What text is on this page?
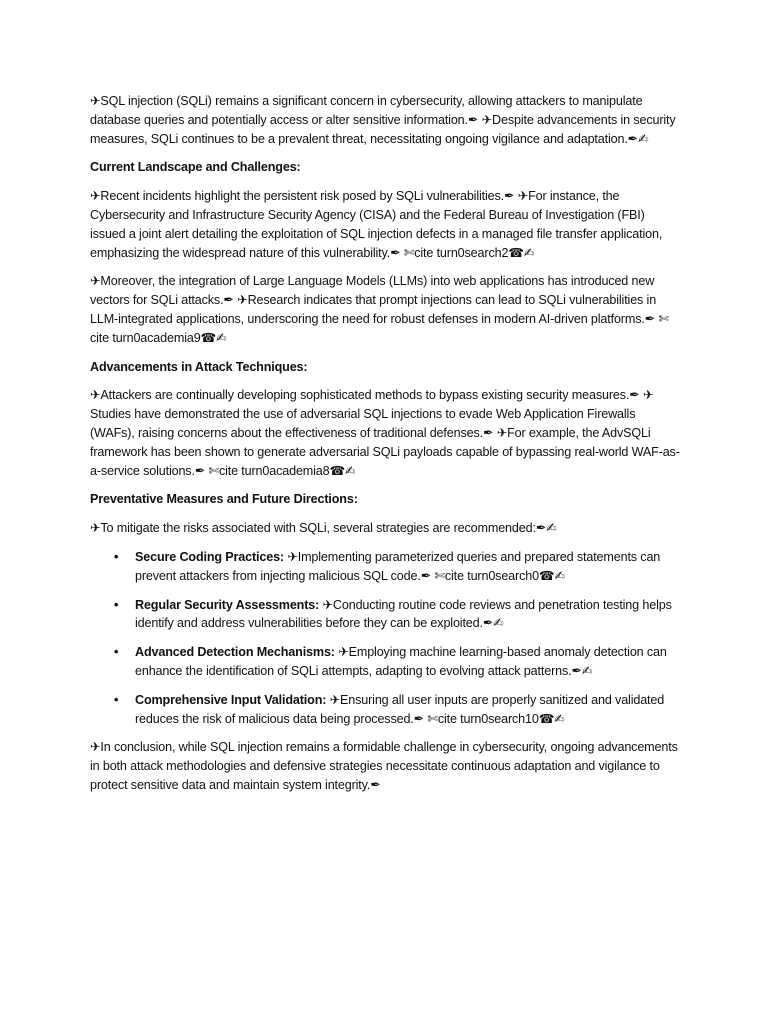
✈SQL injection (SQLi) remains a significant concern in cybersecurity, allowing attackers to manipulate database queries and potentially access or alter sensitive information.✒ ✈Despite advancements in security measures, SQLi continues to be a prevalent threat, necessitating ongoing vigilance and adaptation.✒✍

Current Landscape and Challenges:

✈Recent incidents highlight the persistent risk posed by SQLi vulnerabilities.✒ ✈For instance, the Cybersecurity and Infrastructure Security Agency (CISA) and the Federal Bureau of Investigation (FBI) issued a joint alert detailing the exploitation of SQL injection defects in a managed file transfer application, emphasizing the widespread nature of this vulnerability.✒ ✄cite turn0search2☎✍

✈Moreover, the integration of Large Language Models (LLMs) into web applications has introduced new vectors for SQLi attacks.✒ ✈Research indicates that prompt injections can lead to SQLi vulnerabilities in LLM-integrated applications, underscoring the need for robust defenses in modern AI-driven platforms.✒ ✄cite turn0academia9☎✍

Advancements in Attack Techniques:

✈Attackers are continually developing sophisticated methods to bypass existing security measures.✒ ✈Studies have demonstrated the use of adversarial SQL injections to evade Web Application Firewalls (WAFs), raising concerns about the effectiveness of traditional defenses.✒ ✈For example, the AdvSQLi framework has been shown to generate adversarial SQLi payloads capable of bypassing real-world WAF-as-a-service solutions.✒ ✄cite turn0academia8☎✍

Preventative Measures and Future Directions:

✈To mitigate the risks associated with SQLi, several strategies are recommended:✒✍

• Secure Coding Practices: ✈Implementing parameterized queries and prepared statements can prevent attackers from injecting malicious SQL code.✒ ✄cite turn0search0☎✍
• Regular Security Assessments: ✈Conducting routine code reviews and penetration testing helps identify and address vulnerabilities before they can be exploited.✒✍
• Advanced Detection Mechanisms: ✈Employing machine learning-based anomaly detection can enhance the identification of SQLi attempts, adapting to evolving attack patterns.✒✍
• Comprehensive Input Validation: ✈Ensuring all user inputs are properly sanitized and validated reduces the risk of malicious data being processed.✒ ✄cite turn0search10☎✍

✈In conclusion, while SQL injection remains a formidable challenge in cybersecurity, ongoing advancements in both attack methodologies and defensive strategies necessitate continuous adaptation and vigilance to protect sensitive data and maintain system integrity.✒
